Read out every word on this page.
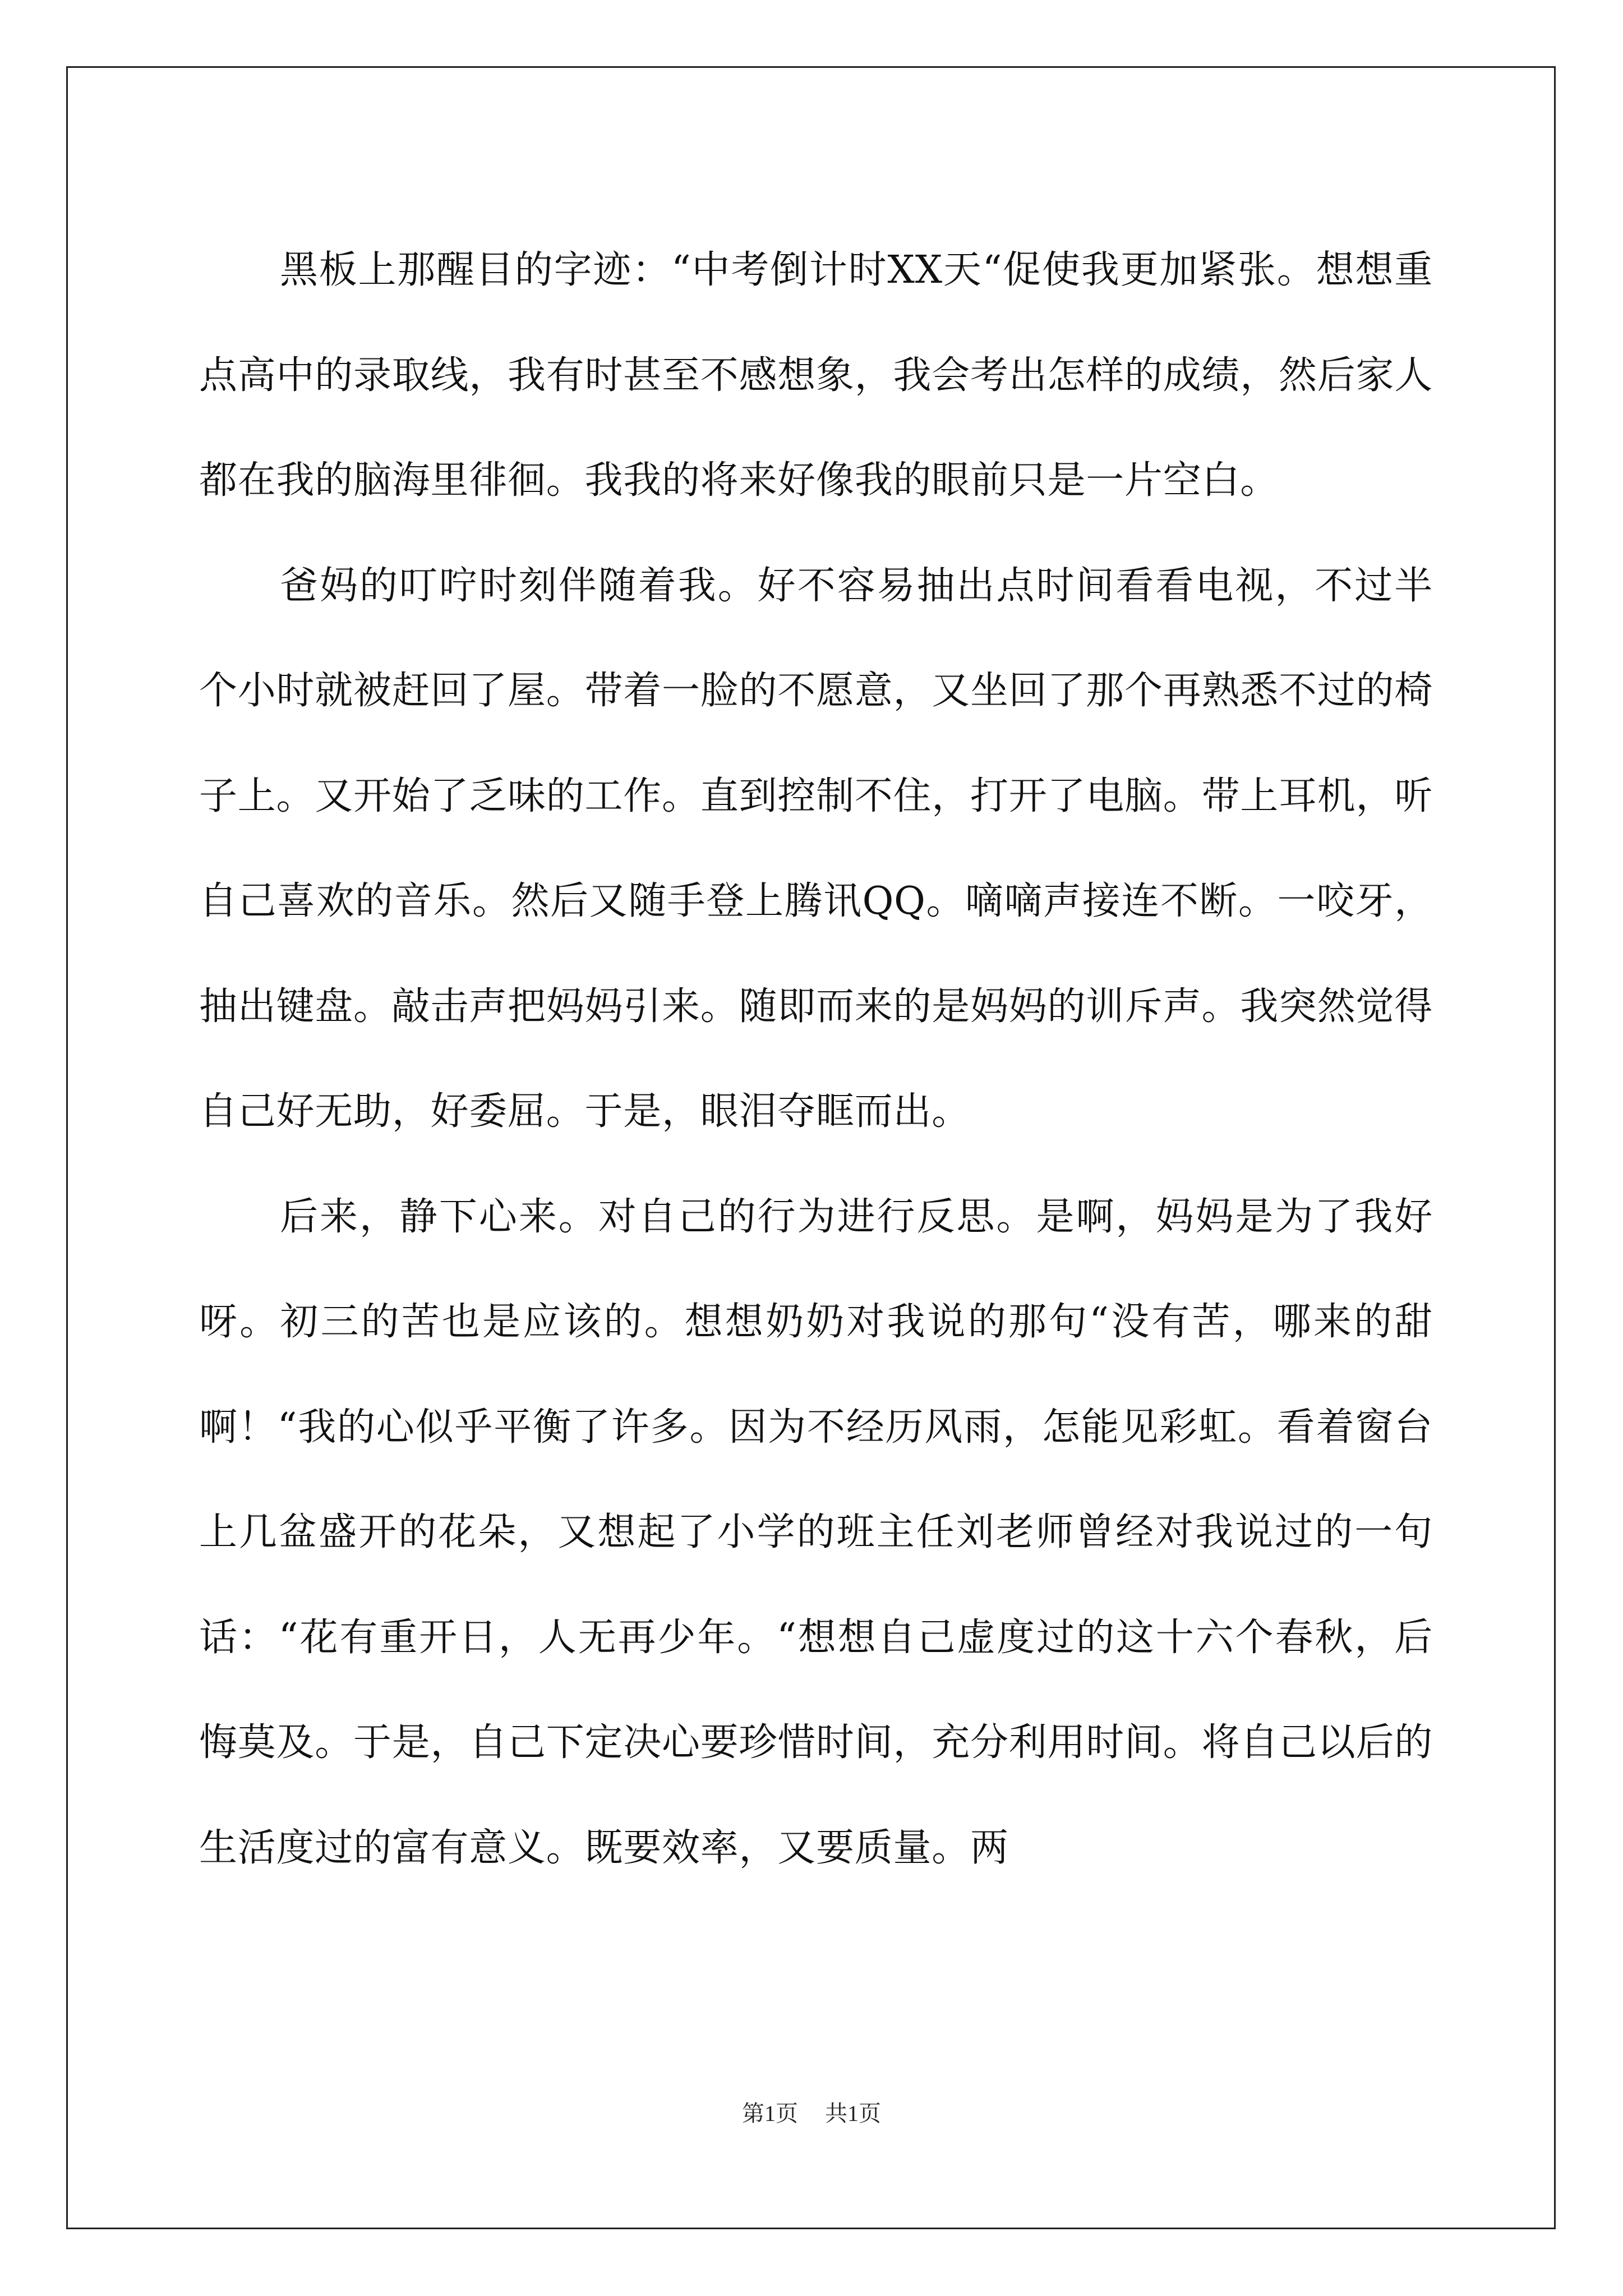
黑板上那醒目的字迹：“中考倒计时XX天“促使我更加紧张。想想重点高中的录取线，我有时甚至不感想象，我会考出怎样的成绩，然后家人都在我的脑海里徘徊。我我的将来好像我的眼前只是一片空白。

爸妈的叮咛时刻伴随着我。好不容易抽出点时间看看电视，不过半个小时就被赶回了屋。带着一脸的不愿意，又坐回了那个再熟悉不过的椅子上。又开始了乏味的工作。直到控制不住，打开了电脑。带上耳机，听自己喜欢的音乐。然后又随手登上腾讯QQ。嘀嘀声接连不断。一咬牙，抽出键盘。敲击声把妈妈引来。随即而来的是妈妈的训斥声。我突然觉得自己好无助，好委屈。于是，眼泪夺眶而出。

后来，静下心来。对自己的行为进行反思。是啊，妈妈是为了我好呀。初三的苦也是应该的。想想奶奶对我说的那句“没有苦，哪来的甜啊！“我的心似乎平衡了许多。因为不经历风雨，怎能见彩虹。看着窗台上几盆盛开的花朵，又想起了小学的班主任刘老师曾经对我说过的一句话：“花有重开日，人无再少年。“想想自己虚度过的这十六个春秋，后悔莫及。于是，自己下定决心要珍惜时间，充分利用时间。将自己以后的生活度过的富有意义。既要效率，又要质量。两

第1页 共1页
